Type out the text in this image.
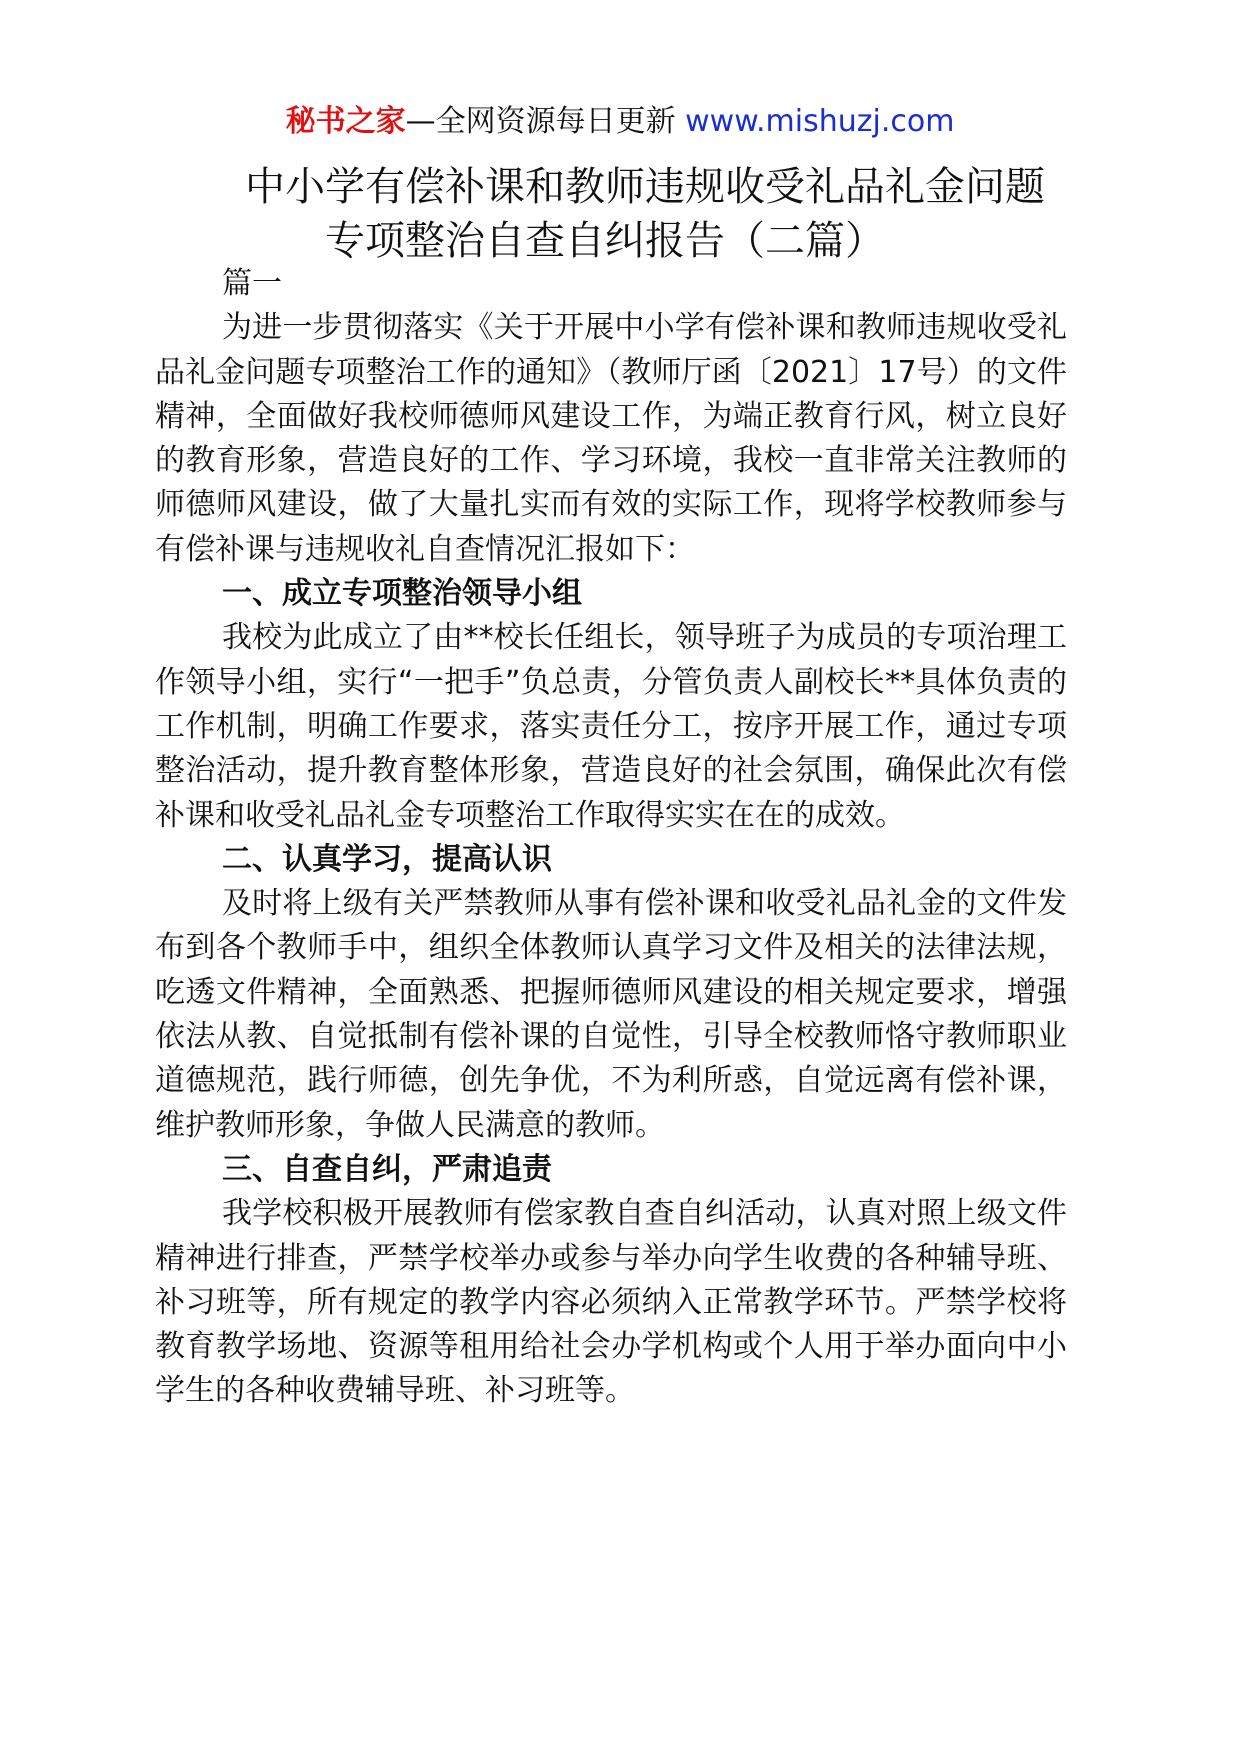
秘书之家—全网资源每日更新 www.mishuzj.com
中小学有偿补课和教师违规收受礼品礼金问题
专项整治自查自纠报告（二篇）

篇一

为进一步贯彻落实《关于开展中小学有偿补课和教师违规收受礼品礼金问题专项整治工作的通知》（教师厅函〔2021〕17号）的文件精神，全面做好我校师德师风建设工作，为端正教育行风，树立良好的教育形象，营造良好的工作、学习环境，我校一直非常关注教师的师德师风建设，做了大量扎实而有效的实际工作，现将学校教师参与有偿补课与违规收礼自查情况汇报如下：

一、成立专项整治领导小组

我校为此成立了由**校长任组长，领导班子为成员的专项治理工作领导小组，实行“一把手”负总责，分管负责人副校长**具体负责的工作机制，明确工作要求，落实责任分工，按序开展工作，通过专项整治活动，提升教育整体形象，营造良好的社会氛围，确保此次有偿补课和收受礼品礼金专项整治工作取得实实在在的成效。

二、认真学习，提高认识

及时将上级有关严禁教师从事有偿补课和收受礼品礼金的文件发布到各个教师手中，组织全体教师认真学习文件及相关的法律法规，吃透文件精神，全面熟悉、把握师德师风建设的相关规定要求，增强依法从教、自觉抵制有偿补课的自觉性，引导全校教师恪守教师职业道德规范，践行师德，创先争优，不为利所惑，自觉远离有偿补课，维护教师形象，争做人民满意的教师。

三、自查自纠，严肃追责

我学校积极开展教师有偿家教自查自纠活动，认真对照上级文件精神进行排查，严禁学校举办或参与举办向学生收费的各种辅导班、补习班等，所有规定的教学内容必须纳入正常教学环节。严禁学校将教育教学场地、资源等租用给社会办学机构或个人用于举办面向中小学生的各种收费辅导班、补习班等。
